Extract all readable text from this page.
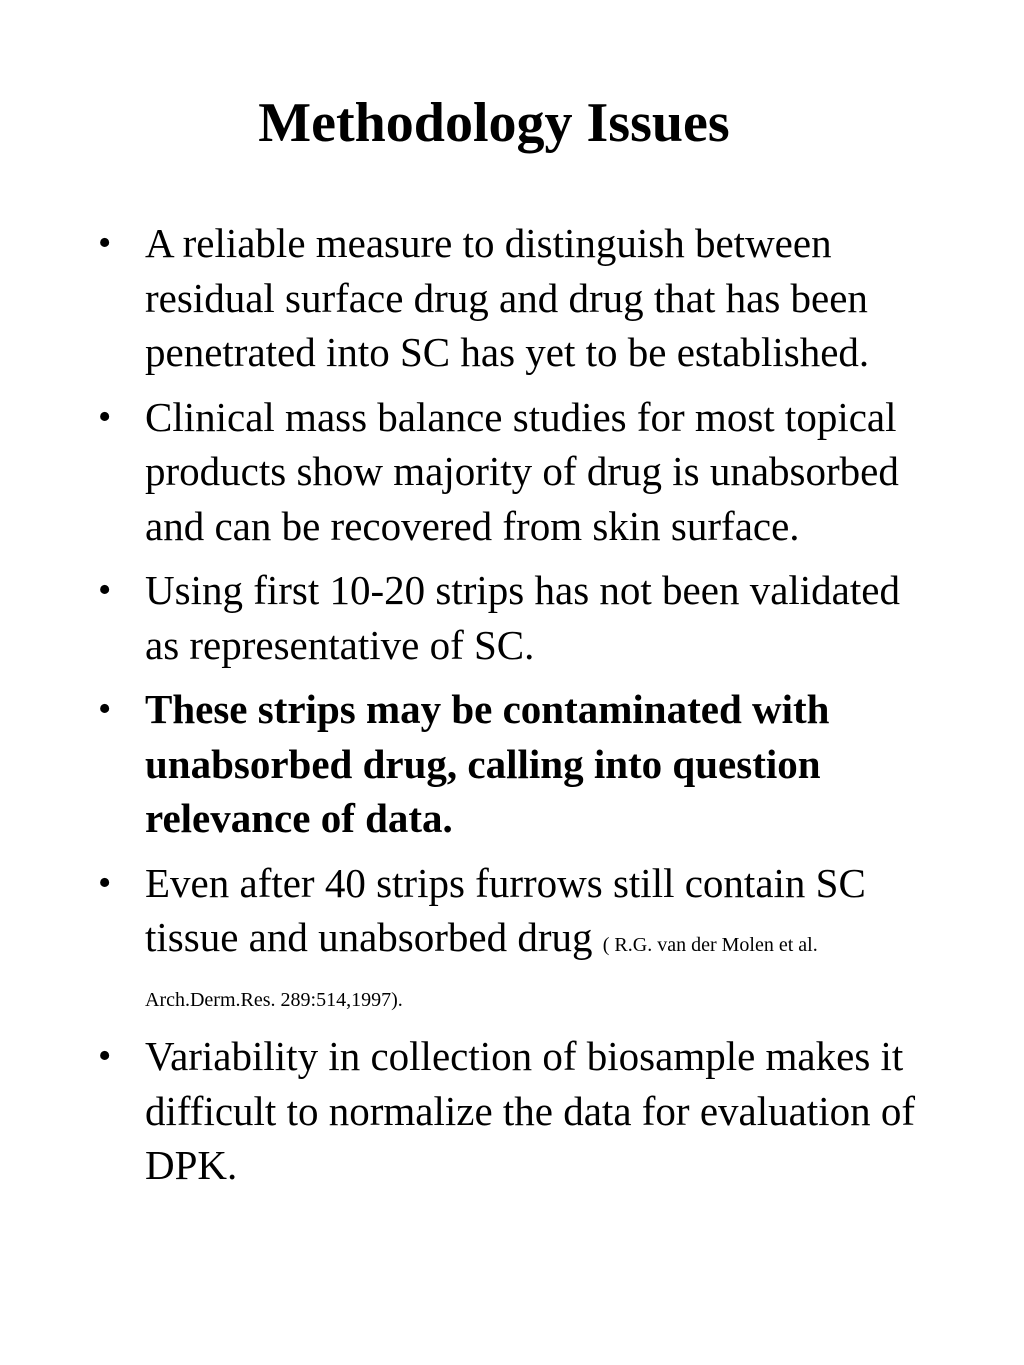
Methodology Issues
• A reliable measure to distinguish between residual surface drug and drug that has been penetrated into SC has yet to be established.
• Clinical mass balance studies for most topical products show majority of drug is unabsorbed and can be recovered from skin surface.
• Using first 10-20 strips has not been validated as representative of SC.
• These strips may be contaminated with unabsorbed drug, calling into question relevance of data.
• Even after 40 strips furrows still contain SC tissue and unabsorbed drug ( R.G. van der Molen et al. Arch.Derm.Res. 289:514,1997).
• Variability in collection of biosample makes it difficult to normalize the data for evaluation of DPK.
